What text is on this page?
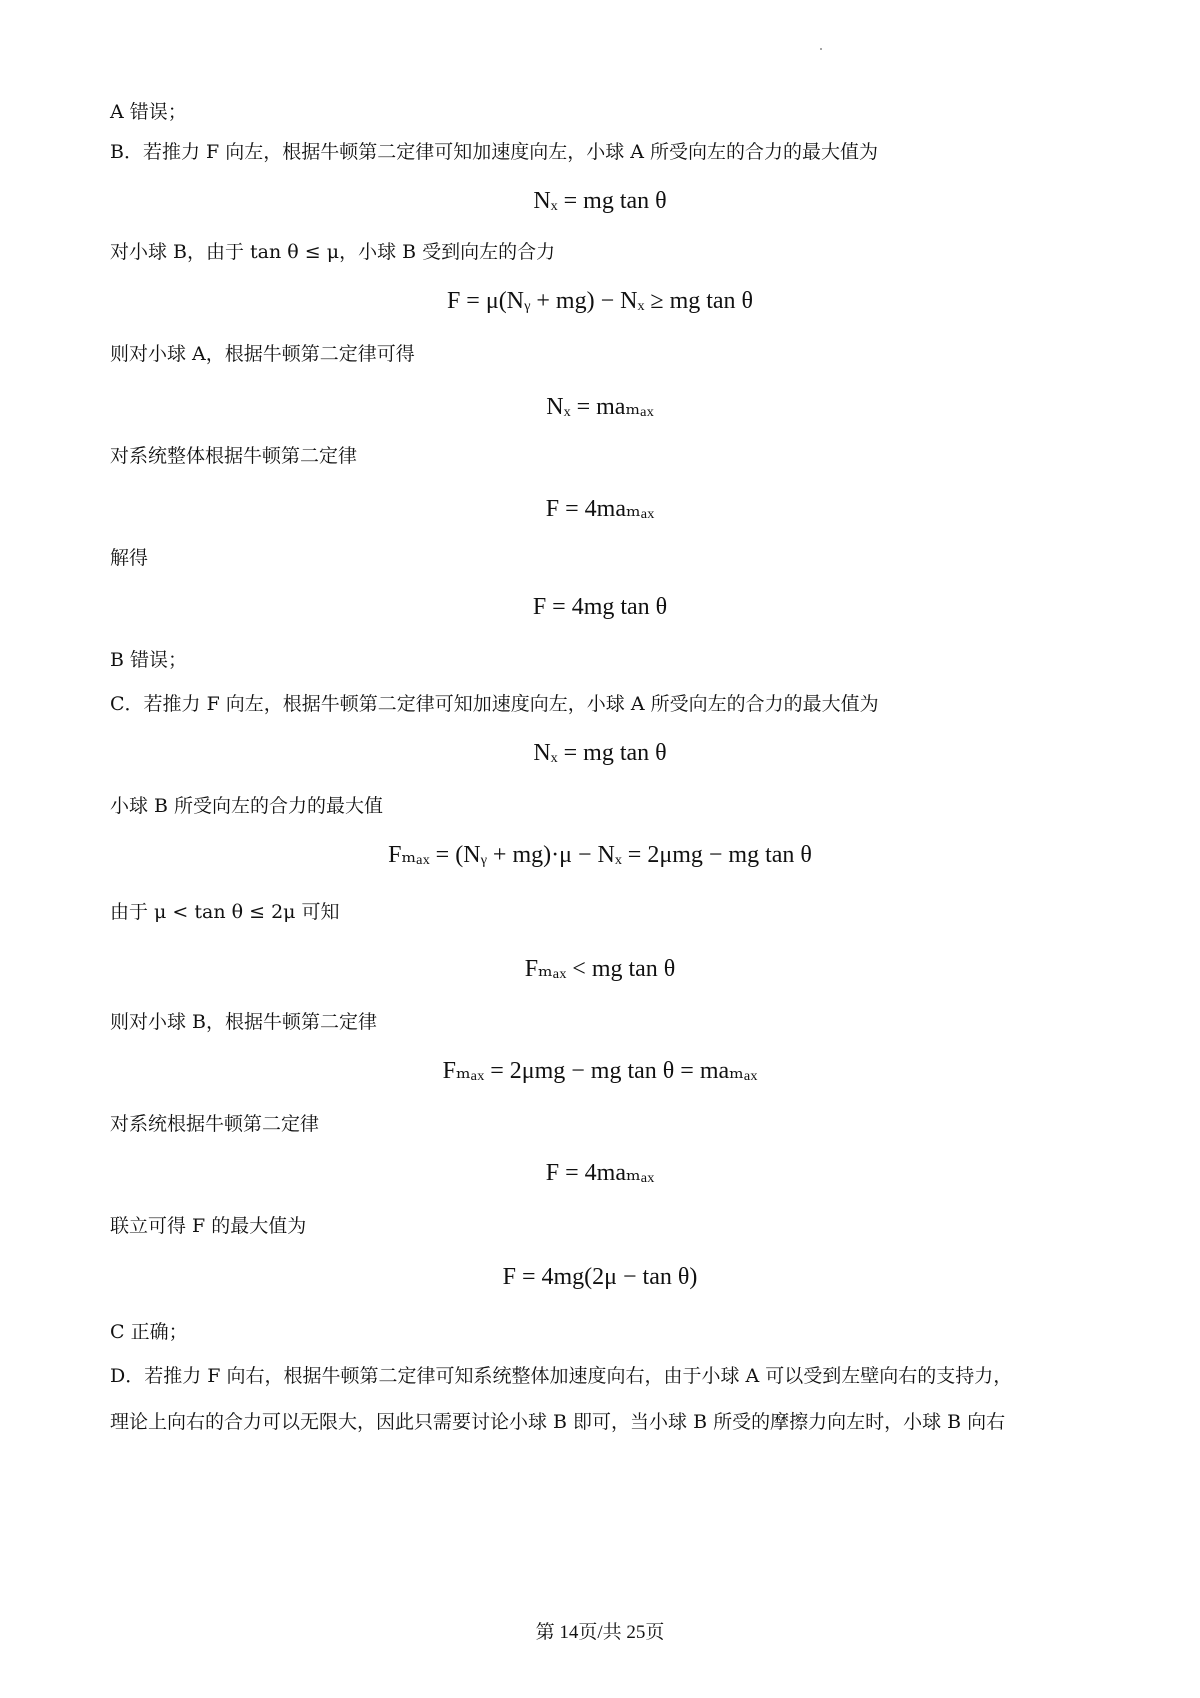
A 错误；
B．若推力 F 向左，根据牛顿第二定律可知加速度向左，小球 A 所受向左的合力的最大值为
Nₓ = mg tan θ
对小球 B，由于 tan θ ≤ μ，小球 B 受到向左的合力
F = μ(Nᵧ + mg) − Nₓ ≥ mg tan θ
则对小球 A，根据牛顿第二定律可得
Nₓ = maₘₐₓ
对系统整体根据牛顿第二定律
F = 4maₘₐₓ
解得
F = 4mg tan θ
B 错误；
C．若推力 F 向左，根据牛顿第二定律可知加速度向左，小球 A 所受向左的合力的最大值为
Nₓ = mg tan θ
小球 B 所受向左的合力的最大值
Fₘₐₓ = (Nᵧ + mg)·μ − Nₓ = 2μmg − mg tan θ
由于 μ < tan θ ≤ 2μ 可知
Fₘₐₓ < mg tan θ
则对小球 B，根据牛顿第二定律
Fₘₐₓ = 2μmg − mg tan θ = maₘₐₓ
对系统根据牛顿第二定律
F = 4maₘₐₓ
联立可得 F 的最大值为
F = 4mg(2μ − tan θ)
C 正确；
D．若推力 F 向右，根据牛顿第二定律可知系统整体加速度向右，由于小球 A 可以受到左壁向右的支持力，
理论上向右的合力可以无限大，因此只需要讨论小球 B 即可，当小球 B 所受的摩擦力向左时，小球 B 向右
第 14页/共 25页
